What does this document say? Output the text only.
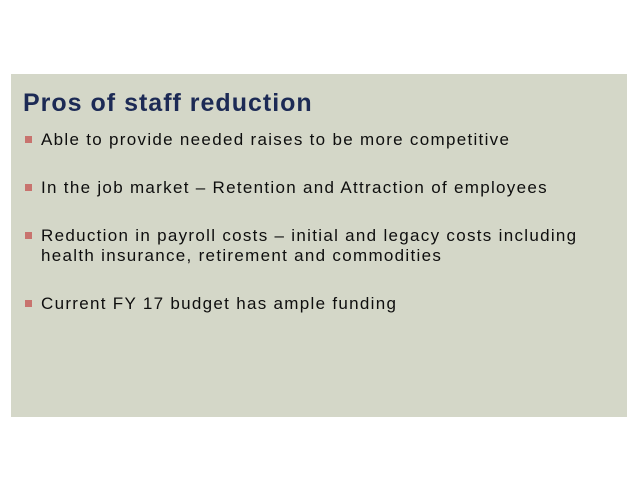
Pros of staff reduction
Able to provide needed raises to be more competitive
In the job market – Retention and Attraction of employees
Reduction in payroll costs – initial and legacy costs including health insurance, retirement and commodities
Current FY 17 budget has ample funding
